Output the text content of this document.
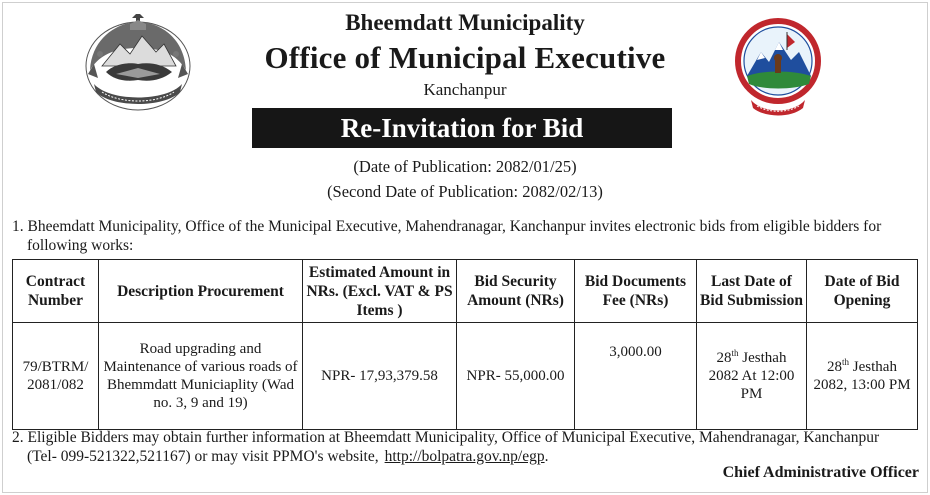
Bheemdatt Municipality
Office of Municipal Executive
Kanchanpur
Re-Invitation for Bid
(Date of Publication: 2082/01/25)
(Second Date of Publication: 2082/02/13)
1. Bheemdatt Municipality, Office of the Municipal Executive, Mahendranagar, Kanchanpur invites electronic bids from eligible bidders for
following works:
Contract Number	Description Procurement	Estimated Amount in NRs. (Excl. VAT & PS Items )	Bid Security Amount (NRs)	Bid Documents Fee (NRs)	Last Date of Bid Submission	Date of Bid Opening
79/BTRM/ 2081/082	Road upgrading and Maintenance of various roads of Bhemmdatt Municiaplity (Wad no. 3, 9 and 19)	NPR- 17,93,379.58	NPR- 55,000.00	3,000.00	28th Jesthah 2082 At 12:00 PM	28th Jesthah 2082, 13:00 PM
2. Eligible Bidders may obtain further information at Bheemdatt Municipality, Office of Municipal Executive, Mahendranagar, Kanchanpur
(Tel- 099-521322,521167) or may visit PPMO's website, http://bolpatra.gov.np/egp.
Chief Administrative Officer
